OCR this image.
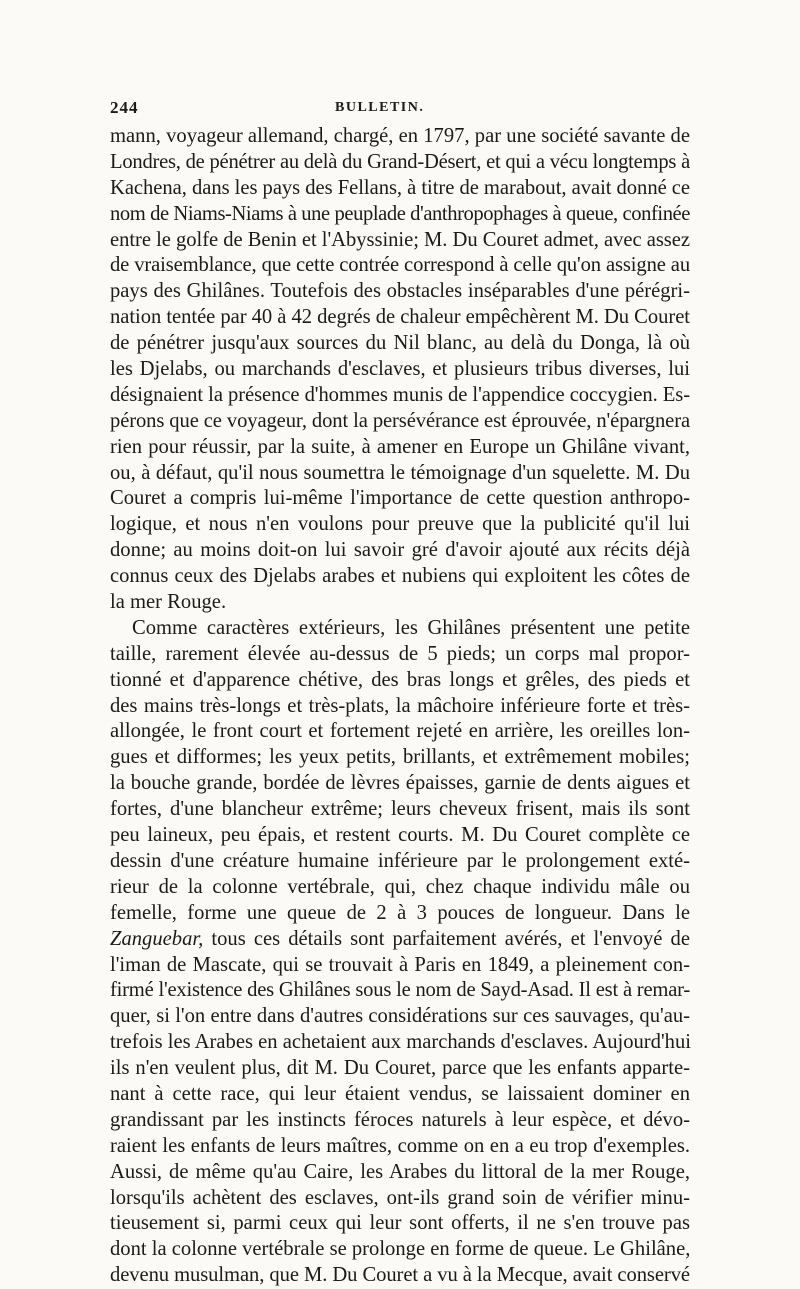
244	BULLETIN.
mann, voyageur allemand, chargé, en 1797, par une société savante de
Londres, de pénétrer au delà du Grand-Désert, et qui a vécu longtemps à
Kachena, dans les pays des Fellans, à titre de marabout, avait donné ce
nom de Niams-Niams à une peuplade d'anthropophages à queue, confinée
entre le golfe de Benin et l'Abyssinie; M. Du Couret admet, avec assez
de vraisemblance, que cette contrée correspond à celle qu'on assigne au
pays des Ghilânes. Toutefois des obstacles inséparables d'une pérégri-
nation tentée par 40 à 42 degrés de chaleur empêchèrent M. Du Couret
de pénétrer jusqu'aux sources du Nil blanc, au delà du Donga, là où
les Djelabs, ou marchands d'esclaves, et plusieurs tribus diverses, lui
désignaient la présence d'hommes munis de l'appendice coccygien. Es-
pérons que ce voyageur, dont la persévérance est éprouvée, n'épargnera
rien pour réussir, par la suite, à amener en Europe un Ghilâne vivant,
ou, à défaut, qu'il nous soumettra le témoignage d'un squelette. M. Du
Couret a compris lui-même l'importance de cette question anthropo-
logique, et nous n'en voulons pour preuve que la publicité qu'il lui
donne; au moins doit-on lui savoir gré d'avoir ajouté aux récits déjà
connus ceux des Djelabs arabes et nubiens qui exploitent les côtes de
la mer Rouge.
Comme caractères extérieurs, les Ghilânes présentent une petite
taille, rarement élevée au-dessus de 5 pieds; un corps mal propor-
tionné et d'apparence chétive, des bras longs et grêles, des pieds et
des mains très-longs et très-plats, la mâchoire inférieure forte et très-
allongée, le front court et fortement rejeté en arrière, les oreilles lon-
gues et difformes; les yeux petits, brillants, et extrêmement mobiles;
la bouche grande, bordée de lèvres épaisses, garnie de dents aigues et
fortes, d'une blancheur extrême; leurs cheveux frisent, mais ils sont
peu laineux, peu épais, et restent courts. M. Du Couret complète ce
dessin d'une créature humaine inférieure par le prolongement exté-
rieur de la colonne vertébrale, qui, chez chaque individu mâle ou
femelle, forme une queue de 2 à 3 pouces de longueur. Dans le
Zanguebar, tous ces détails sont parfaitement avérés, et l'envoyé de
l'iman de Mascate, qui se trouvait à Paris en 1849, a pleinement con-
firmé l'existence des Ghilânes sous le nom de Sayd-Asad. Il est à remar-
quer, si l'on entre dans d'autres considérations sur ces sauvages, qu'au-
trefois les Arabes en achetaient aux marchands d'esclaves. Aujourd'hui
ils n'en veulent plus, dit M. Du Couret, parce que les enfants apparte-
nant à cette race, qui leur étaient vendus, se laissaient dominer en
grandissant par les instincts féroces naturels à leur espèce, et dévo-
raient les enfants de leurs maîtres, comme on en a eu trop d'exemples.
Aussi, de même qu'au Caire, les Arabes du littoral de la mer Rouge,
lorsqu'ils achètent des esclaves, ont-ils grand soin de vérifier minu-
tieusement si, parmi ceux qui leur sont offerts, il ne s'en trouve pas
dont la colonne vertébrale se prolonge en forme de queue. Le Ghilâne,
devenu musulman, que M. Du Couret a vu à la Mecque, avait conservé
